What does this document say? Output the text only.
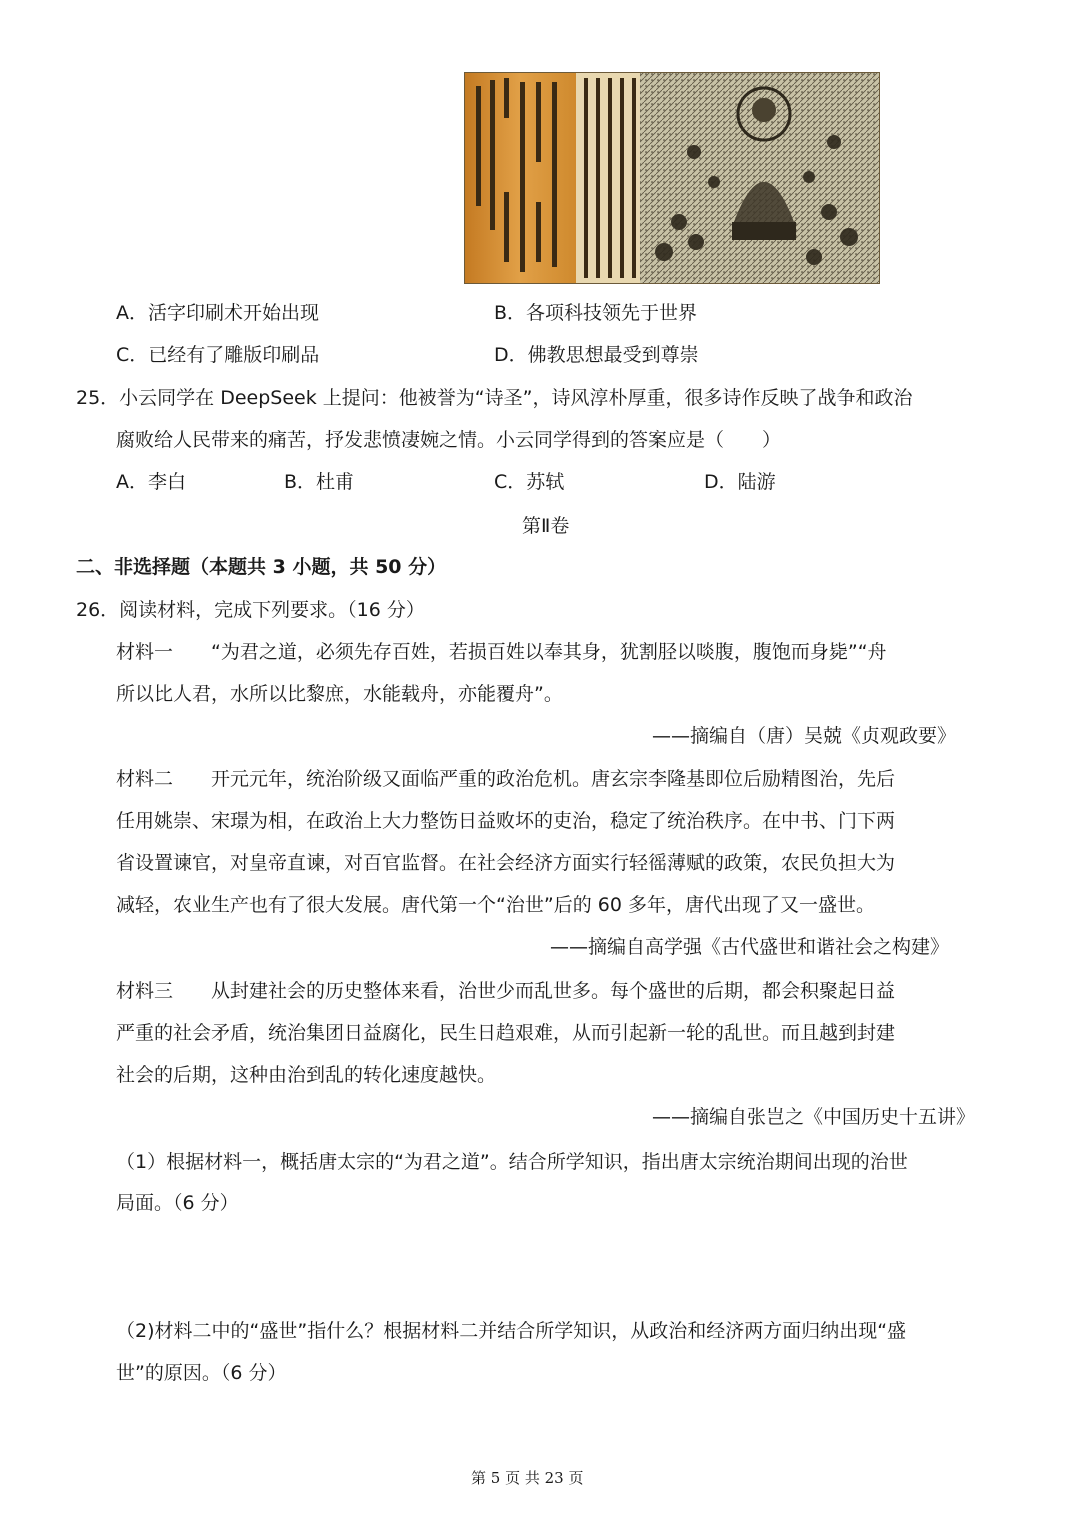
A．活字印刷术开始出现	B．各项科技领先于世界
C．已经有了雕版印刷品	D．佛教思想最受到尊崇
25．小云同学在 DeepSeek 上提问：他被誉为“诗圣”，诗风淳朴厚重，很多诗作反映了战争和政治
腐败给人民带来的痛苦，抒发悲愤凄婉之情。小云同学得到的答案应是（　　）
A．李白	B．杜甫	C．苏轼	D．陆游
第Ⅱ卷
二、非选择题（本题共 3 小题，共 50 分）
26．阅读材料，完成下列要求。（16 分）
材料一　　“为君之道，必须先存百姓，若损百姓以奉其身，犹割胫以啖腹，腹饱而身毙”“舟
所以比人君，水所以比黎庶，水能载舟，亦能覆舟”。
——摘编自（唐）吴兢《贞观政要》
材料二　　开元元年，统治阶级又面临严重的政治危机。唐玄宗李隆基即位后励精图治，先后
任用姚崇、宋璟为相，在政治上大力整饬日益败坏的吏治，稳定了统治秩序。在中书、门下两
省设置谏官，对皇帝直谏，对百官监督。在社会经济方面实行轻徭薄赋的政策，农民负担大为
减轻，农业生产也有了很大发展。唐代第一个“治世”后的 60 多年，唐代出现了又一盛世。
——摘编自高学强《古代盛世和谐社会之构建》
材料三　　从封建社会的历史整体来看，治世少而乱世多。每个盛世的后期，都会积聚起日益
严重的社会矛盾，统治集团日益腐化，民生日趋艰难，从而引起新一轮的乱世。而且越到封建
社会的后期，这种由治到乱的转化速度越快。
——摘编自张岂之《中国历史十五讲》
（1）根据材料一，概括唐太宗的“为君之道”。结合所学知识，指出唐太宗统治期间出现的治世
局面。（6 分）
（2)材料二中的“盛世”指什么？根据材料二并结合所学知识，从政治和经济两方面归纳出现“盛
世”的原因。（6 分）
第 5 页 共 23 页
